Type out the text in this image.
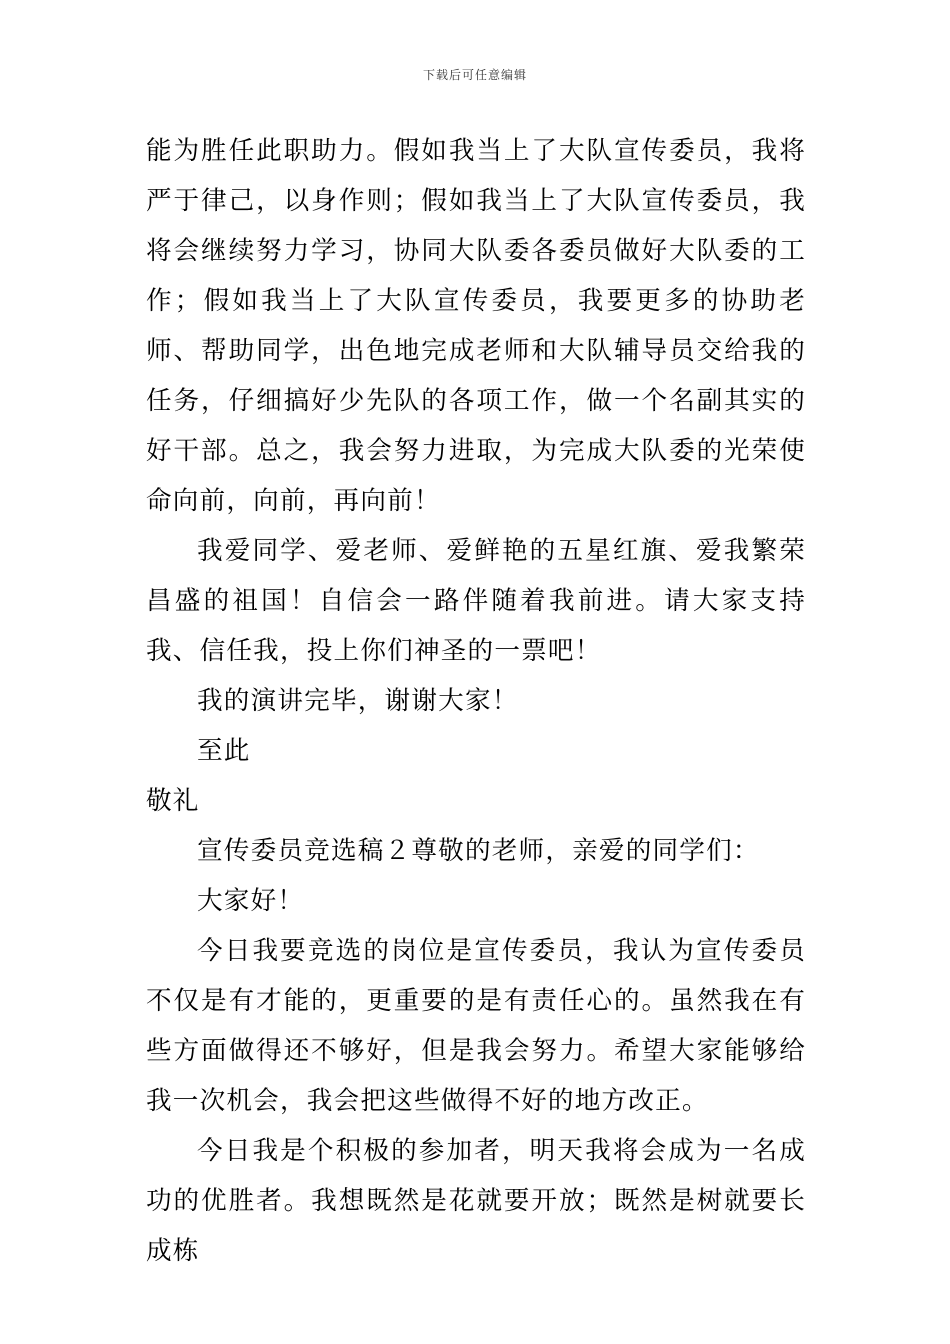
下载后可任意编辑

能为胜任此职助力。假如我当上了大队宣传委员，我将严于律己，以身作则；假如我当上了大队宣传委员，我将会继续努力学习，协同大队委各委员做好大队委的工作；假如我当上了大队宣传委员，我要更多的协助老师、帮助同学，出色地完成老师和大队辅导员交给我的任务，仔细搞好少先队的各项工作，做一个名副其实的好干部。总之，我会努力进取，为完成大队委的光荣使命向前，向前，再向前！

我爱同学、爱老师、爱鲜艳的五星红旗、爱我繁荣昌盛的祖国！自信会一路伴随着我前进。请大家支持我、信任我，投上你们神圣的一票吧！

我的演讲完毕，谢谢大家！

至此

敬礼

宣传委员竞选稿２尊敬的老师，亲爱的同学们：

大家好！

今日我要竞选的岗位是宣传委员，我认为宣传委员不仅是有才能的，更重要的是有责任心的。虽然我在有些方面做得还不够好，但是我会努力。希望大家能够给我一次机会，我会把这些做得不好的地方改正。

今日我是个积极的参加者，明天我将会成为一名成功的优胜者。我想既然是花就要开放；既然是树就要长成栋
